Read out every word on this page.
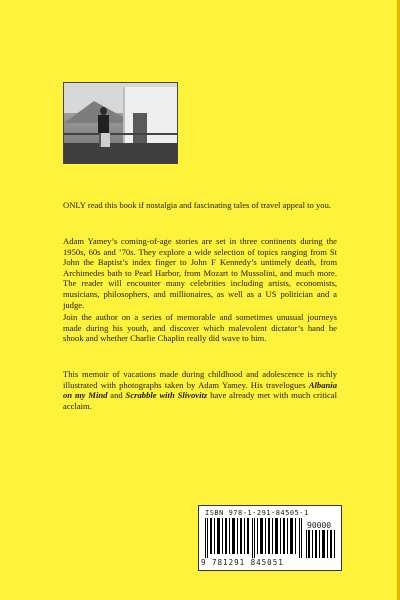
ONLY read this book if nostalgia and fascinating tales of travel appeal to you.
Adam Yamey’s coming-of-age stories are set in three continents during the 1950s, 60s and ’70s. They explore a wide selection of topics ranging from St John the Baptist’s index finger to John F Kennedy’s untimely death, from Archimedes bath to Pearl Harbor, from Mozart to Mussolini, and much more. The reader will encounter many celebrities including artists, economists, musicians, philosophers, and millionaires, as well as a US politician and a judge.
Join the author on a series of memorable and sometimes unusual journeys made during his youth, and discover which malevolent dictator’s hand he shook and whether Charlie Chaplin really did wave to him.
This memoir of vacations made during childhood and adolescence is richly illustrated with photographs taken by Adam Yamey. His travelogues Albania on my Mind and Scrabble with Slivovitz have already met with much critical acclaim.
ISBN 978-1-291-84505-1
90000
9 781291 845051
